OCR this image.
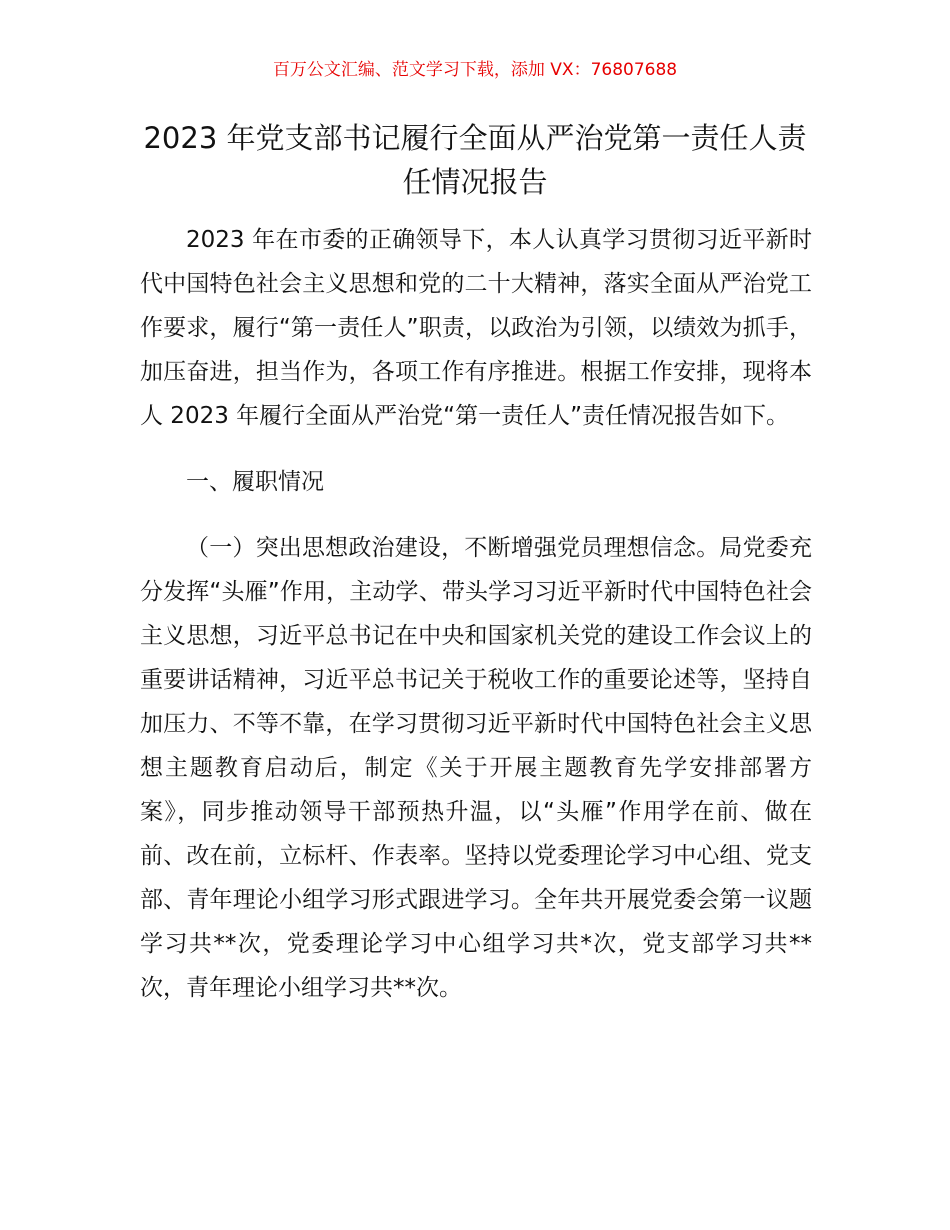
百万公文汇编、范文学习下载，添加 VX：76807688
2023 年党支部书记履行全面从严治党第一责任人责任情况报告

2023 年在市委的正确领导下，本人认真学习贯彻习近平新时代中国特色社会主义思想和党的二十大精神，落实全面从严治党工作要求，履行“第一责任人”职责，以政治为引领，以绩效为抓手，加压奋进，担当作为，各项工作有序推进。根据工作安排，现将本人 2023 年履行全面从严治党“第一责任人”责任情况报告如下。

一、履职情况

（一）突出思想政治建设，不断增强党员理想信念。局党委充分发挥“头雁”作用，主动学、带头学习习近平新时代中国特色社会主义思想，习近平总书记在中央和国家机关党的建设工作会议上的重要讲话精神，习近平总书记关于税收工作的重要论述等，坚持自加压力、不等不靠，在学习贯彻习近平新时代中国特色社会主义思想主题教育启动后，制定《关于开展主题教育先学安排部署方案》，同步推动领导干部预热升温，以“头雁”作用学在前、做在前、改在前，立标杆、作表率。坚持以党委理论学习中心组、党支部、青年理论小组学习形式跟进学习。全年共开展党委会第一议题学习共**次，党委理论学习中心组学习共*次，党支部学习共**次，青年理论小组学习共**次。
